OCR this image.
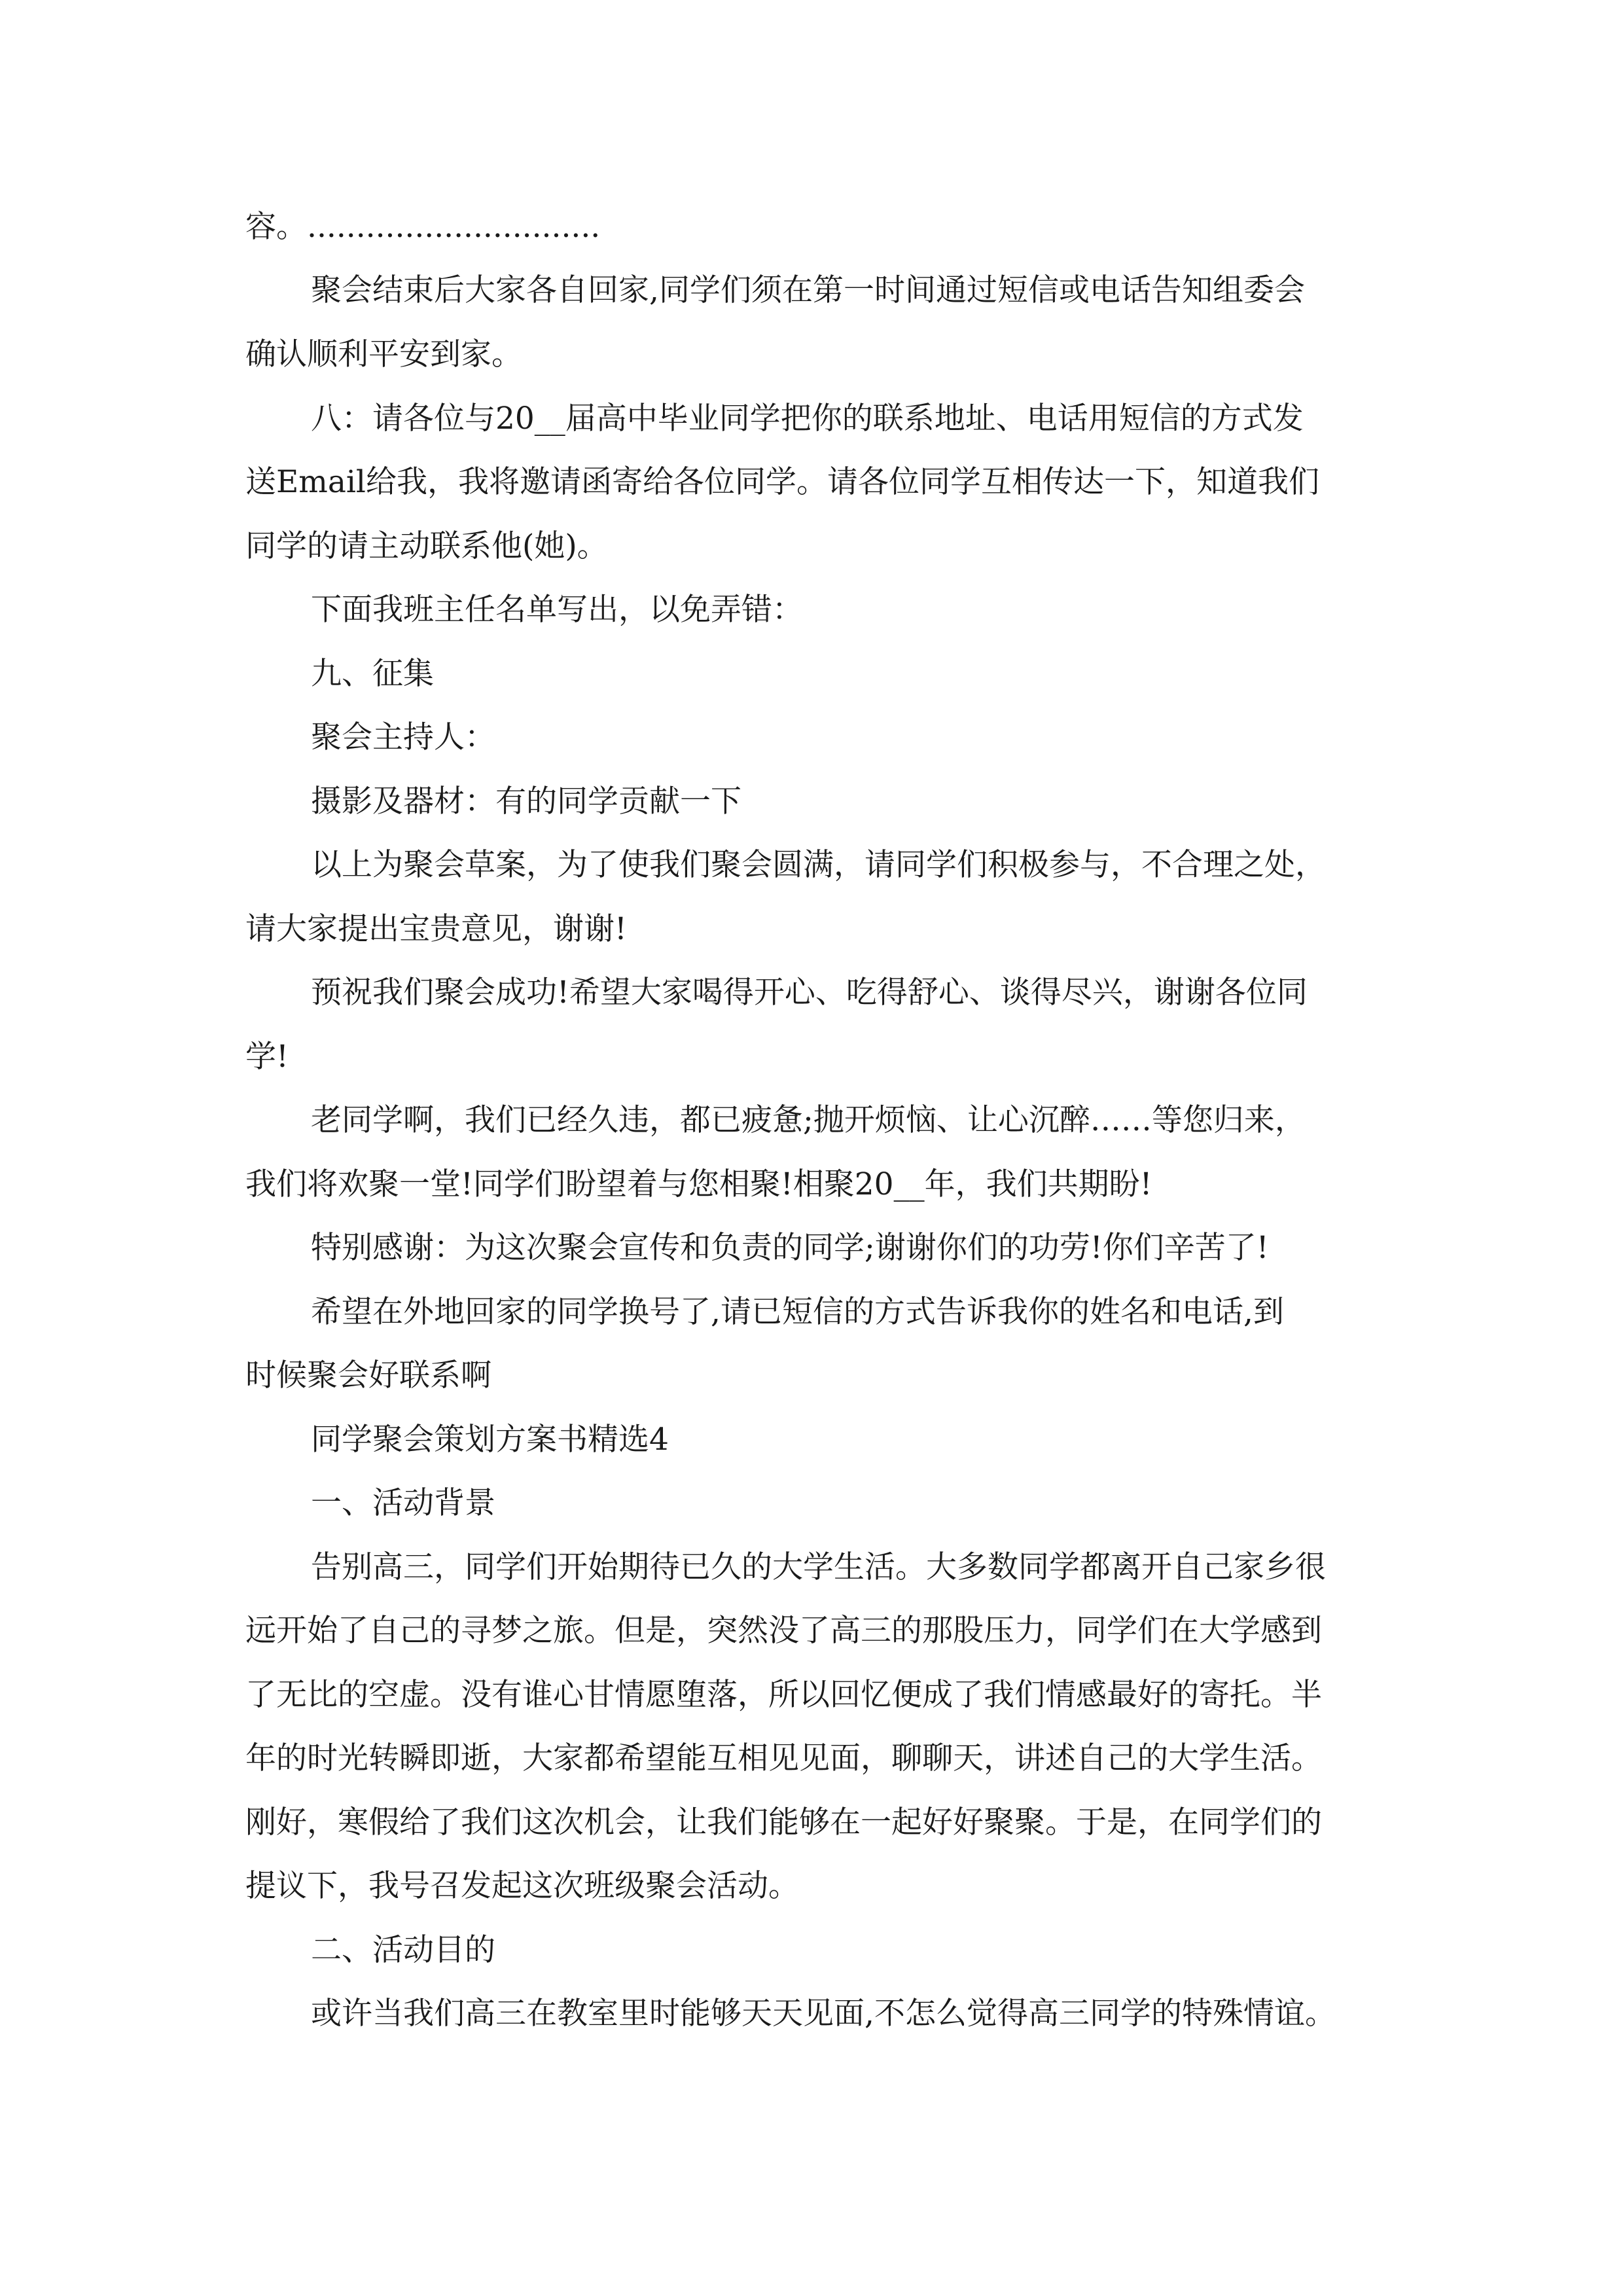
容。..............................
聚会结束后大家各自回家,同学们须在第一时间通过短信或电话告知组委会
确认顺利平安到家。
八：请各位与20__届高中毕业同学把你的联系地址、电话用短信的方式发
送Email给我，我将邀请函寄给各位同学。请各位同学互相传达一下，知道我们
同学的请主动联系他(她)。
下面我班主任名单写出，以免弄错：
九、征集
聚会主持人：
摄影及器材：有的同学贡献一下
以上为聚会草案，为了使我们聚会圆满，请同学们积极参与，不合理之处，
请大家提出宝贵意见，谢谢!
预祝我们聚会成功!希望大家喝得开心、吃得舒心、谈得尽兴，谢谢各位同
学!
老同学啊，我们已经久违，都已疲惫;抛开烦恼、让心沉醉……等您归来，
我们将欢聚一堂!同学们盼望着与您相聚!相聚20__年，我们共期盼!
特别感谢：为这次聚会宣传和负责的同学;谢谢你们的功劳!你们辛苦了!
希望在外地回家的同学换号了,请已短信的方式告诉我你的姓名和电话,到
时候聚会好联系啊
同学聚会策划方案书精选4
一、活动背景
告别高三，同学们开始期待已久的大学生活。大多数同学都离开自己家乡很
远开始了自己的寻梦之旅。但是，突然没了高三的那股压力，同学们在大学感到
了无比的空虚。没有谁心甘情愿堕落，所以回忆便成了我们情感最好的寄托。半
年的时光转瞬即逝，大家都希望能互相见见面，聊聊天，讲述自己的大学生活。
刚好，寒假给了我们这次机会，让我们能够在一起好好聚聚。于是，在同学们的
提议下，我号召发起这次班级聚会活动。
二、活动目的
或许当我们高三在教室里时能够天天见面,不怎么觉得高三同学的特殊情谊。
